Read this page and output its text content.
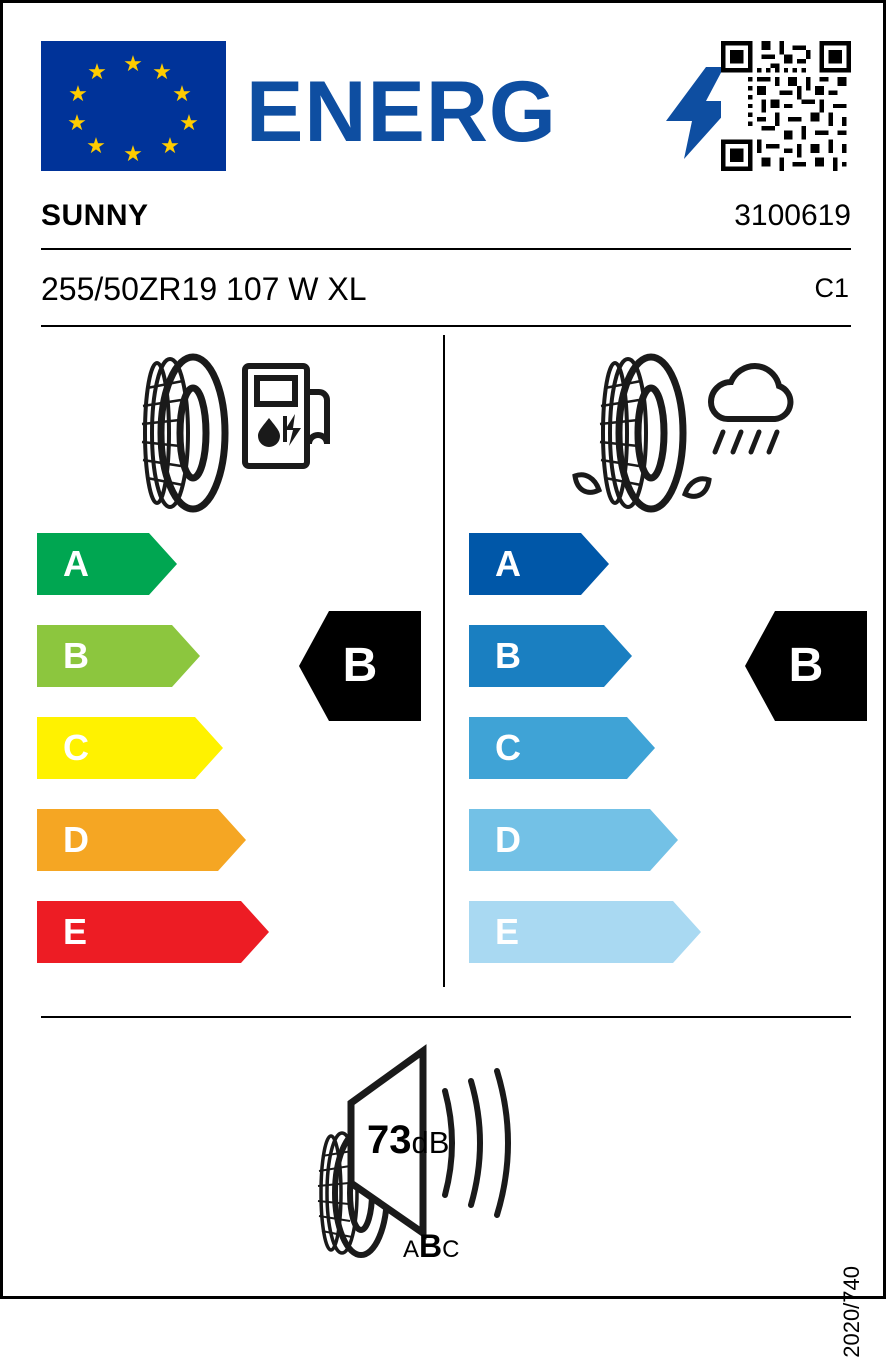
★ ★
★
★
★
★
★
★
★
★ ENERG
SUNNY	3100619
255/50ZR19 107 W XL	C1
A
B
C
D
E
B
A
B
C
D
E
B
73dB
ABC
2020/740
